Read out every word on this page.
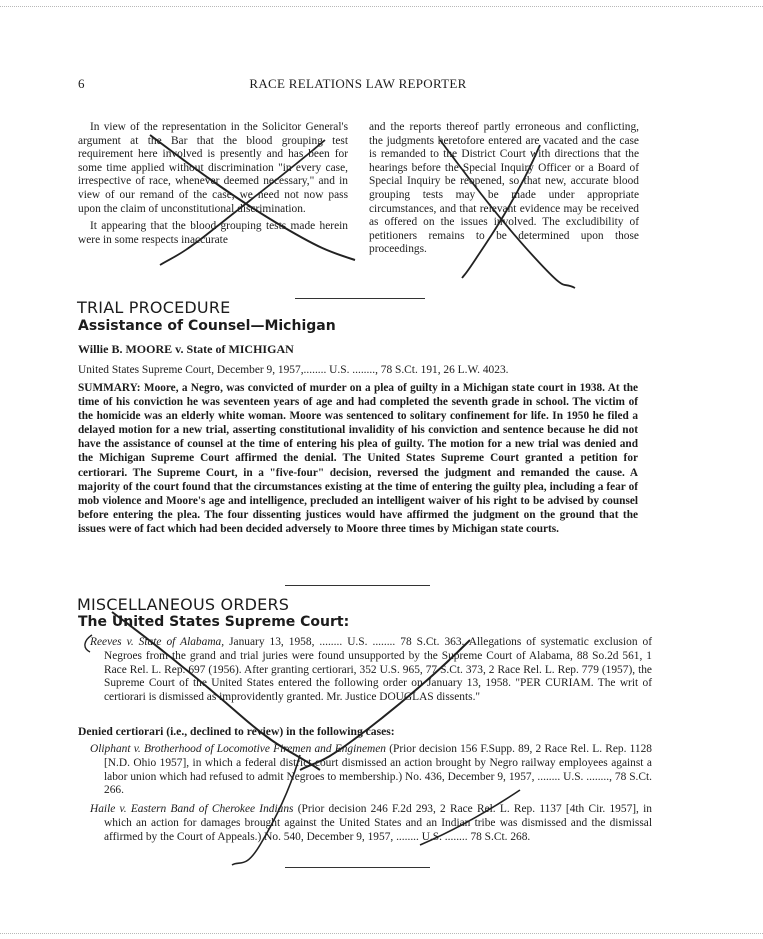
6	RACE RELATIONS LAW REPORTER

In view of the representation in the Solicitor General's argument at the Bar that the blood grouping test requirement here involved is presently and has been for some time applied without discrimination "in every case, irrespective of race, whenever deemed necessary," and in view of our remand of the case, we need not now pass upon the claim of unconstitutional discrimination.

It appearing that the blood grouping tests made herein were in some respects inaccurate

and the reports thereof partly erroneous and conflicting, the judgments heretofore entered are vacated and the case is remanded to the District Court with directions that the hearings before the Special Inquiry Officer or a Board of Special Inquiry be reopened, so that new, accurate blood grouping tests may be made under appropriate circumstances, and that relevant evidence may be received as offered on the issues involved. The excludibility of petitioners remains to be determined upon those proceedings.

TRIAL PROCEDURE
Assistance of Counsel—Michigan
Willie B. MOORE v. State of MICHIGAN
United States Supreme Court, December 9, 1957,........ U.S. ........, 78 S.Ct. 191, 26 L.W. 4023.
SUMMARY: Moore, a Negro, was convicted of murder on a plea of guilty in a Michigan state court in 1938. At the time of his conviction he was seventeen years of age and had completed the seventh grade in school. The victim of the homicide was an elderly white woman. Moore was sentenced to solitary confinement for life. In 1950 he filed a delayed motion for a new trial, asserting constitutional invalidity of his conviction and sentence because he did not have the assistance of counsel at the time of entering his plea of guilty. The motion for a new trial was denied and the Michigan Supreme Court affirmed the denial. The United States Supreme Court granted a petition for certiorari. The Supreme Court, in a "five-four" decision, reversed the judgment and remanded the cause. A majority of the court found that the circumstances existing at the time of entering the guilty plea, including a fear of mob violence and Moore's age and intelligence, precluded an intelligent waiver of his right to be advised by counsel before entering the plea. The four dissenting justices would have affirmed the judgment on the ground that the issues were of fact which had been decided adversely to Moore three times by Michigan state courts.
MISCELLANEOUS ORDERS
The United States Supreme Court:
Reeves v. State of Alabama, January 13, 1958, ........ U.S. ........ 78 S.Ct. 363. Allegations of systematic exclusion of Negroes from the grand and trial juries were found unsupported by the Supreme Court of Alabama, 88 So.2d 561, 1 Race Rel. L. Rep. 697 (1956). After granting certiorari, 352 U.S. 965, 77 S.Ct. 373, 2 Race Rel. L. Rep. 779 (1957), the Supreme Court of the United States entered the following order on January 13, 1958. "PER CURIAM. The writ of certiorari is dismissed as improvidently granted. Mr. Justice DOUGLAS dissents."
Denied certiorari (i.e., declined to review) in the following cases:
Oliphant v. Brotherhood of Locomotive Firemen and Enginemen (Prior decision 156 F.Supp. 89, 2 Race Rel. L. Rep. 1128 [N.D. Ohio 1957], in which a federal district court dismissed an action brought by Negro railway employees against a labor union which had refused to admit Negroes to membership.) No. 436, December 9, 1957, ........ U.S. ........, 78 S.Ct. 266.
Haile v. Eastern Band of Cherokee Indians (Prior decision 246 F.2d 293, 2 Race Rel. L. Rep. 1137 [4th Cir. 1957], in which an action for damages brought against the United States and an Indian tribe was dismissed and the dismissal affirmed by the Court of Appeals.) No. 540, December 9, 1957, ........ U.S. ........ 78 S.Ct. 268.
